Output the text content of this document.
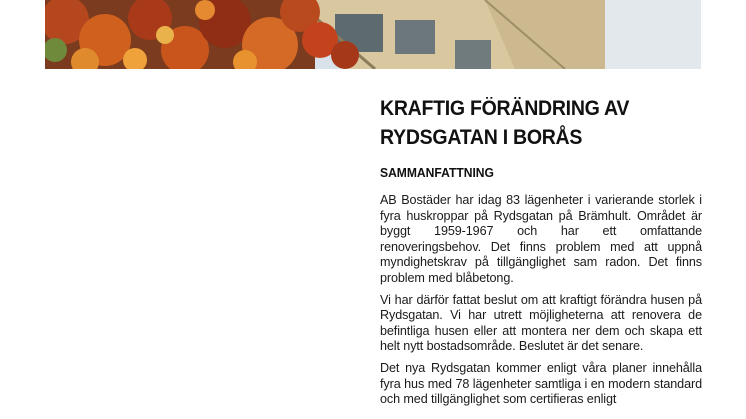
KRAFTIG FÖRÄNDRING AV
RYDSGATAN I BORÅS
SAMMANFATTNING

AB Bostäder har idag 83 lägenheter i varierande storlek i fyra huskroppar på Rydsgatan på Brämhult. Området är byggt 1959-1967 och har ett omfattande renoveringsbehov. Det finns problem med att uppnå myndighetskrav på tillgänglighet sam radon. Det finns problem med blåbetong.

Vi har därför fattat beslut om att kraftigt förändra husen på Rydsgatan. Vi har utrett möjligheterna att renovera de befintliga husen eller att montera ner dem och skapa ett helt nytt bostadsområde. Beslutet är det senare.

Det nya Rydsgatan kommer enligt våra planer innehålla fyra hus med 78 lägenheter samtliga i en modern standard och med tillgänglighet som certifieras enligt
